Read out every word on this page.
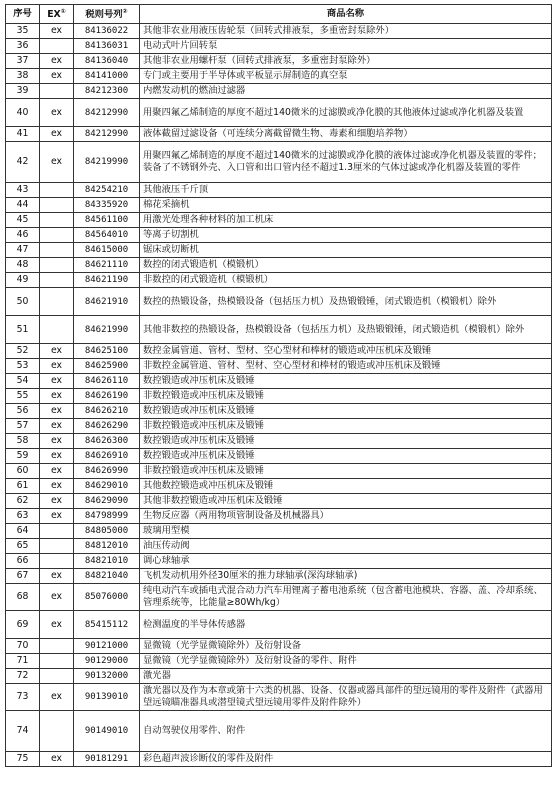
序号	EX①	税则号列②	商品名称
35	ex	84136022	其他非农业用液压齿轮泵（回转式排液泵，多重密封泵除外）
36		84136031	电动式叶片回转泵
37	ex	84136040	其他非农业用螺杆泵（回转式排液泵，多重密封泵除外）
38	ex	84141000	专门或主要用于半导体或平板显示屏制造的真空泵
39		84212300	内燃发动机的燃油过滤器
40	ex	84212990	用聚四氟乙烯制造的厚度不超过140微米的过滤膜或净化膜的其他液体过滤或净化机器及装置
41	ex	84212990	液体截留过滤设备（可连续分离截留微生物、毒素和细胞培养物）
42	ex	84219990	用聚四氟乙烯制造的厚度不超过140微米的过滤膜或净化膜的液体过滤或净化机器及装置的零件；装备了不锈钢外壳、入口管和出口管内径不超过1.3厘米的气体过滤或净化机器及装置的零件
43		84254210	其他液压千斤顶
44		84335920	棉花采摘机
45		84561100	用激光处理各种材料的加工机床
46		84564010	等离子切割机
47		84615000	锯床或切断机
48		84621110	数控的闭式锻造机（模锻机）
49		84621190	非数控的闭式锻造机（模锻机）
50		84621910	数控的热锻设备，热模锻设备（包括压力机）及热锻锻锤，闭式锻造机（模锻机）除外
51		84621990	其他非数控的热锻设备，热模锻设备（包括压力机）及热锻锻锤，闭式锻造机（模锻机）除外
52	ex	84625100	数控金属管道、管材、型材、空心型材和棒材的锻造或冲压机床及锻锤
53	ex	84625900	非数控金属管道、管材、型材、空心型材和棒材的锻造或冲压机床及锻锤
54	ex	84626110	数控锻造或冲压机床及锻锤
55	ex	84626190	非数控锻造或冲压机床及锻锤
56	ex	84626210	数控锻造或冲压机床及锻锤
57	ex	84626290	非数控锻造或冲压机床及锻锤
58	ex	84626300	数控锻造或冲压机床及锻锤
59	ex	84626910	数控锻造或冲压机床及锻锤
60	ex	84626990	非数控锻造或冲压机床及锻锤
61	ex	84629010	其他数控锻造或冲压机床及锻锤
62	ex	84629090	其他非数控锻造或冲压机床及锻锤
63	ex	84798999	生物反应器（两用物项管制设备及机械器具）
64		84805000	玻璃用型模
65		84812010	油压传动阀
66		84821010	调心球轴承
67	ex	84821040	飞机发动机用外径30厘米的推力球轴承(深沟球轴承)
68	ex	85076000	纯电动汽车或插电式混合动力汽车用锂离子蓄电池系统（包含蓄电池模块、容器、盖、冷却系统、管理系统等，比能量≥80Wh/kg）
69	ex	85415112	检测温度的半导体传感器
70		90121000	显微镜（光学显微镜除外）及衍射设备
71		90129000	显微镜（光学显微镜除外）及衍射设备的零件、附件
72		90132000	激光器
73	ex	90139010	激光器以及作为本章或第十六类的机器、设备、仪器或器具部件的望远镜用的零件及附件（武器用望远镜瞄准器具或潜望镜式望远镜用零件及附件除外）
74		90149010	自动驾驶仪用零件、附件
75	ex	90181291	彩色超声波诊断仪的零件及附件
